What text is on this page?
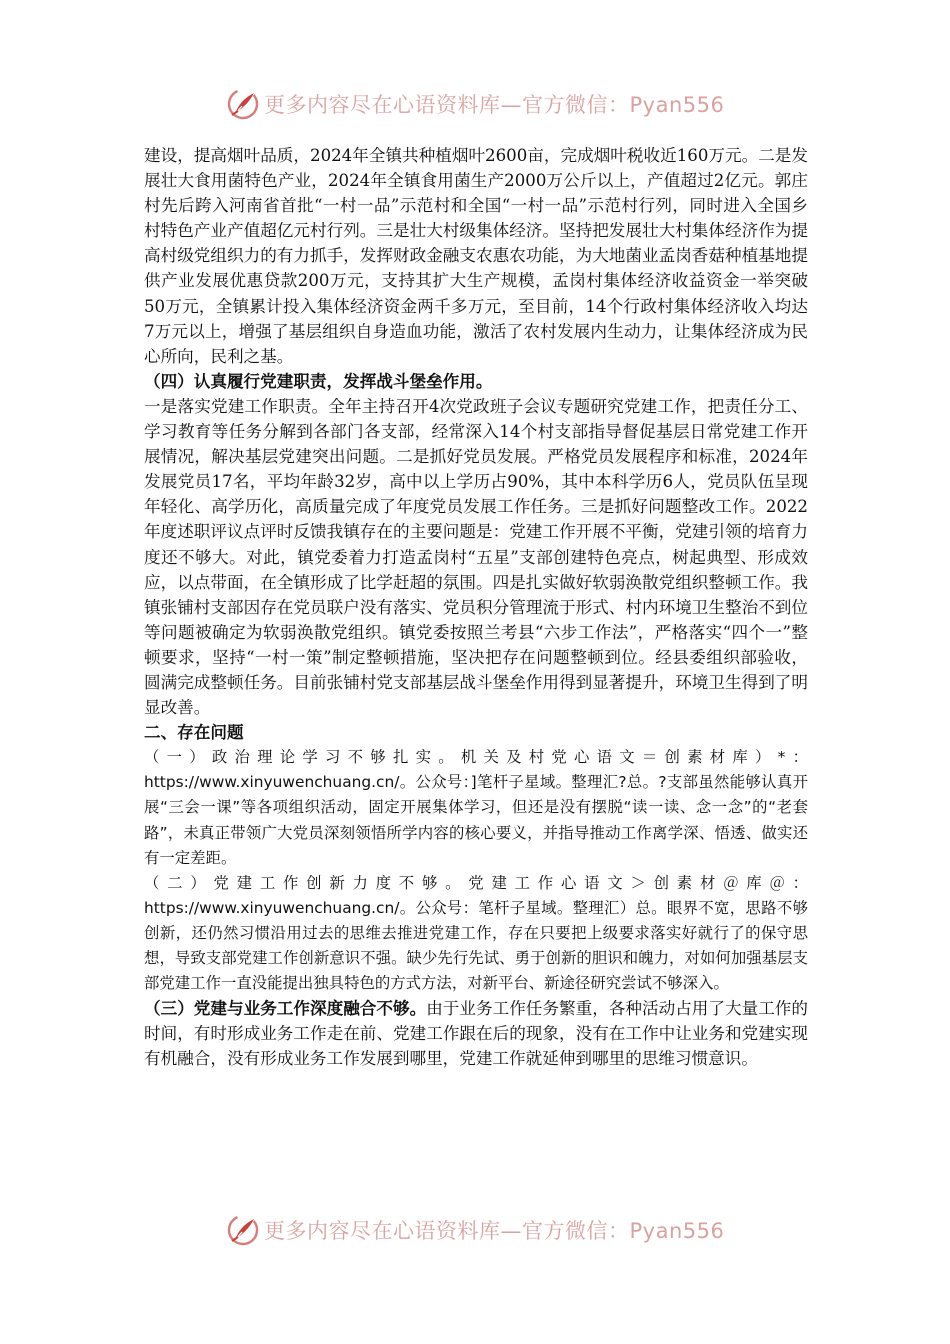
更多内容尽在心语资料库—官方微信：Pyan556

建设，提高烟叶品质，2024年全镇共种植烟叶2600亩，完成烟叶税收近160万元。二是发展壮大食用菌特色产业，2024年全镇食用菌生产2000万公斤以上，产值超过2亿元。郭庄村先后跨入河南省首批“一村一品”示范村和全国“一村一品”示范村行列，同时进入全国乡村特色产业产值超亿元村行列。三是壮大村级集体经济。坚持把发展壮大村集体经济作为提高村级党组织力的有力抓手，发挥财政金融支农惠农功能，为大地菌业孟岗香菇种植基地提供产业发展优惠贷款200万元，支持其扩大生产规模，孟岗村集体经济收益资金一举突破50万元，全镇累计投入集体经济资金两千多万元，至目前，14个行政村集体经济收入均达7万元以上，增强了基层组织自身造血功能，激活了农村发展内生动力，让集体经济成为民心所向，民利之基。

（四）认真履行党建职责，发挥战斗堡垒作用。

一是落实党建工作职责。全年主持召开4次党政班子会议专题研究党建工作，把责任分工、学习教育等任务分解到各部门各支部，经常深入14个村支部指导督促基层日常党建工作开展情况，解决基层党建突出问题。二是抓好党员发展。严格党员发展程序和标准，2024年发展党员17名，平均年龄32岁，高中以上学历占90%，其中本科学历6人，党员队伍呈现年轻化、高学历化，高质量完成了年度党员发展工作任务。三是抓好问题整改工作。2022年度述职评议点评时反馈我镇存在的主要问题是：党建工作开展不平衡，党建引领的培育力度还不够大。对此，镇党委着力打造孟岗村“五星”支部创建特色亮点，树起典型、形成效应，以点带面，在全镇形成了比学赶超的氛围。四是扎实做好软弱涣散党组织整顿工作。我镇张铺村支部因存在党员联户没有落实、党员积分管理流于形式、村内环境卫生整治不到位等问题被确定为软弱涣散党组织。镇党委按照兰考县“六步工作法”，严格落实“四个一”整顿要求，坚持“一村一策”制定整顿措施，坚决把存在问题整顿到位。经县委组织部验收，圆满完成整顿任务。目前张铺村党支部基层战斗堡垒作用得到显著提升，环境卫生得到了明显改善。

二、存在问题

（一）政治理论学习不够扎实。机关及村党心语文＝创素材库）*：https://www.xinyuwenchuang.cn/。公众号：]笔杆子星域。整理汇?总。?支部虽然能够认真开展“三会一课”等各项组织活动，固定开展集体学习，但还是没有摆脱“读一读、念一念”的“老套路”，未真正带领广大党员深刻领悟所学内容的核心要义，并指导推动工作离学深、悟透、做实还有一定差距。

（二）党建工作创新力度不够。党建工作心语文＞创素材＠库＠：https://www.xinyuwenchuang.cn/。公众号：笔杆子星域。整理汇）总。眼界不宽，思路不够创新，还仍然习惯沿用过去的思维去推进党建工作，存在只要把上级要求落实好就行了的保守思想，导致支部党建工作创新意识不强。缺少先行先试、勇于创新的胆识和魄力，对如何加强基层支部党建工作一直没能提出独具特色的方式方法，对新平台、新途径研究尝试不够深入。

（三）党建与业务工作深度融合不够。由于业务工作任务繁重，各种活动占用了大量工作的时间，有时形成业务工作走在前、党建工作跟在后的现象，没有在工作中让业务和党建实现有机融合，没有形成业务工作发展到哪里，党建工作就延伸到哪里的思维习惯意识。

更多内容尽在心语资料库—官方微信：Pyan556
